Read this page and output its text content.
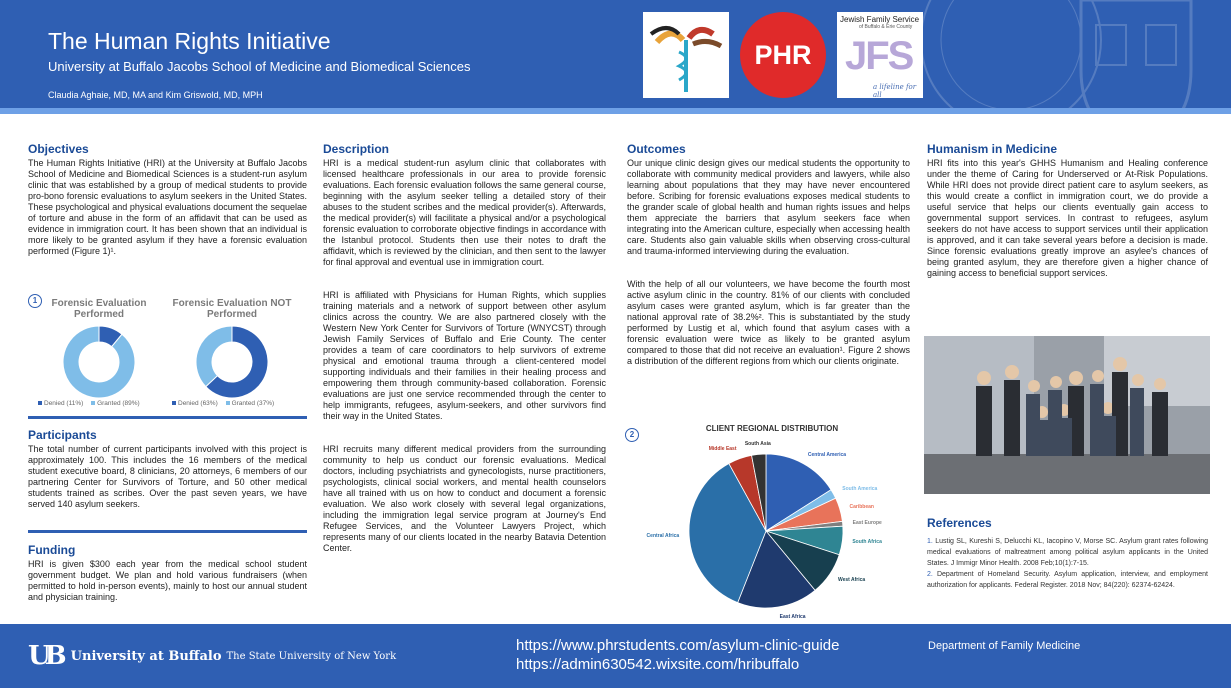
The Human Rights Initiative
University at Buffalo Jacobs School of Medicine and Biomedical Sciences
Claudia Aghaie, MD, MA and Kim Griswold, MD, MPH
PHR
Jewish Family Service
of Buffalo & Erie County
JFS
a lifeline for all
Objectives

The Human Rights Initiative (HRI) at the University at Buffalo Jacobs School of Medicine and Biomedical Sciences is a student-run asylum clinic that was established by a group of medical students to provide pro-bono forensic evaluations to asylum seekers in the United States. These psychological and physical evaluations document the sequelae of torture and abuse in the form of an affidavit that can be used as evidence in immigration court. It has been shown that an individual is more likely to be granted asylum if they have a forensic evaluation performed (Figure 1)¹.

1	Forensic Evaluation Performed
Forensic Evaluation NOT Performed
Denied (11%) Granted (89%)	Denied (63%) Granted (37%)
Participants

The total number of current participants involved with this project is approximately 100. This includes the 16 members of the medical student executive board, 8 clinicians, 20 attorneys, 6 members of our partnering Center for Survivors of Torture, and 50 other medical students trained as scribes. Over the past seven years, we have served 140 asylum seekers.

Funding

HRI is given $300 each year from the medical school student government budget. We plan and hold various fundraisers (when permitted to hold in-person events), mainly to host our annual student and physician training.

Description

HRI is a medical student-run asylum clinic that collaborates with licensed healthcare professionals in our area to provide forensic evaluations. Each forensic evaluation follows the same general course, beginning with the asylum seeker telling a detailed story of their abuses to the student scribes and the medical provider(s). Afterwards, the medical provider(s) will facilitate a physical and/or a psychological forensic evaluation to corroborate objective findings in accordance with the Istanbul protocol. Students then use their notes to draft the affidavit, which is reviewed by the clinician, and then sent to the lawyer for final approval and eventual use in immigration court.

HRI is affiliated with Physicians for Human Rights, which supplies training materials and a network of support between other asylum clinics across the country. We are also partnered closely with the Western New York Center for Survivors of Torture (WNYCST) through Jewish Family Services of Buffalo and Erie County. The center provides a team of care coordinators to help survivors of extreme physical and emotional trauma through a client-centered model supporting individuals and their families in their healing process and empowering them through community-based collaboration. Forensic evaluations are just one service recommended through the center to help immigrants, refugees, asylum-seekers, and other survivors find their way in the United States.

HRI recruits many different medical providers from the surrounding community to help us conduct our forensic evaluations. Medical doctors, including psychiatrists and gynecologists, nurse practitioners, psychologists, clinical social workers, and mental health counselors have all trained with us on how to conduct and document a forensic evaluation. We also work closely with several legal organizations, including the immigration legal service program at Journey's End Refugee Services, and the Volunteer Lawyers Project, which represents many of our clients located in the nearby Batavia Detention Center.

Outcomes

Our unique clinic design gives our medical students the opportunity to collaborate with community medical providers and lawyers, while also learning about populations that they may have never encountered before. Scribing for forensic evaluations exposes medical students to the grander scale of global health and human rights issues and helps them appreciate the barriers that asylum seekers face when integrating into the American culture, especially when accessing health care. Students also gain valuable skills when observing cross-cultural and trauma-informed interviewing during the evaluation.

With the help of all our volunteers, we have become the fourth most active asylum clinic in the country. 81% of our clients with concluded asylum cases were granted asylum, which is far greater than the national approval rate of 38.2%². This is substantiated by the study performed by Lustig et al, which found that asylum cases with a forensic evaluation were twice as likely to be granted asylum compared to those that did not receive an evaluation¹. Figure 2 shows a distribution of the different regions from which our clients originate.

2
CLIENT REGIONAL DISTRIBUTION
Central America
South America
Caribbean
East Europe
South Africa
West Africa
East Africa
Central Africa
Middle East
South Asia
Humanism in Medicine

HRI fits into this year's GHHS Humanism and Healing conference under the theme of Caring for Underserved or At-Risk Populations. While HRI does not provide direct patient care to asylum seekers, as this would create a conflict in immigration court, we do provide a useful service that helps our clients eventually gain access to governmental support services. In contrast to refugees, asylum seekers do not have access to support services until their application is approved, and it can take several years before a decision is made. Since forensic evaluations greatly improve an asylee's chances of being granted asylum, they are therefore given a higher chance of gaining access to beneficial support services.

References

1. Lustig SL, Kureshi S, Delucchi KL, Iacopino V, Morse SC. Asylum grant rates following medical evaluations of maltreatment among political asylum applicants in the United States. J Immigr Minor Health. 2008 Feb;10(1):7-15.

2. Department of Homeland Security. Asylum application, interview, and employment authorization for applicants. Federal Register. 2018 Nov; 84(220): 62374-62424.

UB University at Buffalo The State University of New York
https://www.phrstudents.com/asylum-clinic-guide
https://admin630542.wixsite.com/hribuffalo
Department of Family Medicine
